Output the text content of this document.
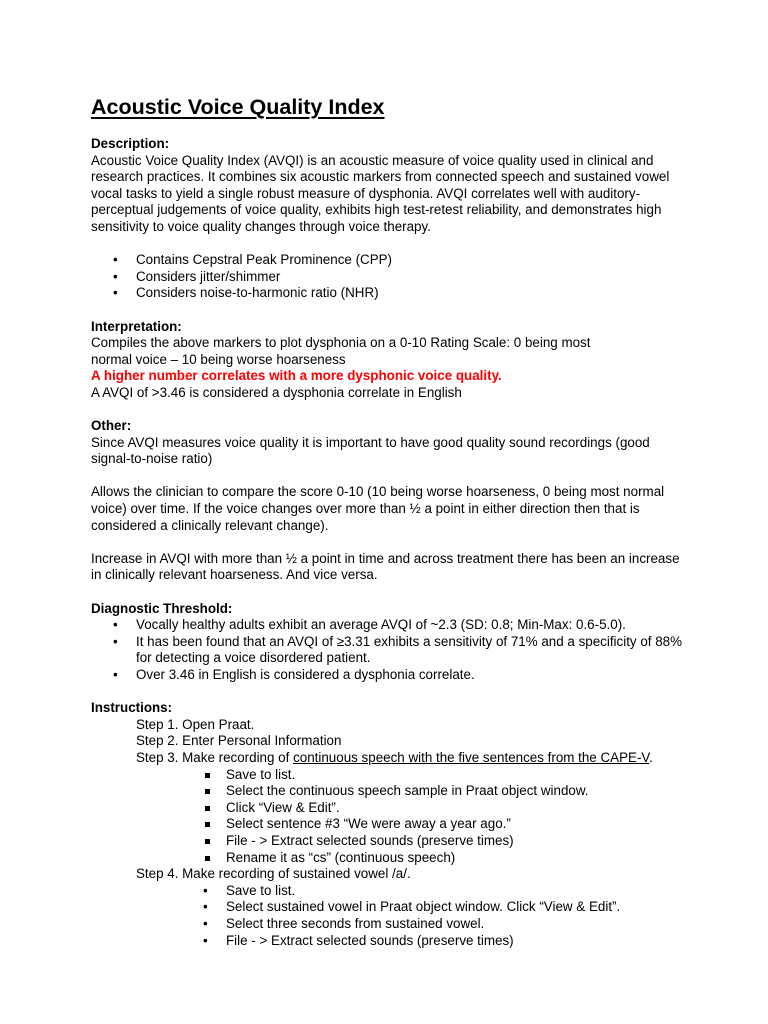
Acoustic Voice Quality Index
Description:

Acoustic Voice Quality Index (AVQI) is an acoustic measure of voice quality used in clinical and research practices. It combines six acoustic markers from connected speech and sustained vowel vocal tasks to yield a single robust measure of dysphonia. AVQI correlates well with auditory-perceptual judgements of voice quality, exhibits high test-retest reliability, and demonstrates high sensitivity to voice quality changes through voice therapy.

• Contains Cepstral Peak Prominence (CPP)
• Considers jitter/shimmer
• Considers noise-to-harmonic ratio (NHR)
Interpretation:

Compiles the above markers to plot dysphonia on a 0-10 Rating Scale: 0 being most

normal voice – 10 being worse hoarseness

A higher number correlates with a more dysphonic voice quality.

A AVQI of >3.46 is considered a dysphonia correlate in English

Other:

Since AVQI measures voice quality it is important to have good quality sound recordings (good signal-to-noise ratio)

Allows the clinician to compare the score 0-10 (10 being worse hoarseness, 0 being most normal voice) over time. If the voice changes over more than ½ a point in either direction then that is considered a clinically relevant change).

Increase in AVQI with more than ½ a point in time and across treatment there has been an increase in clinically relevant hoarseness. And vice versa.

Diagnostic Threshold:
• Vocally healthy adults exhibit an average AVQI of ~2.3 (SD: 0.8; Min-Max: 0.6-5.0).
• It has been found that an AVQI of ≥3.31 exhibits a sensitivity of 71% and a specificity of 88% for detecting a voice disordered patient.
• Over 3.46 in English is considered a dysphonia correlate.
Instructions:

Step 1. Open Praat.

Step 2. Enter Personal Information

Step 3. Make recording of continuous speech with the five sentences from the CAPE-V.

Save to list.
Select the continuous speech sample in Praat object window.
Click “View & Edit”.
Select sentence #3 “We were away a year ago.”
File - > Extract selected sounds (preserve times)
Rename it as “cs” (continuous speech)

Step 4. Make recording of sustained vowel /a/.

• Save to list.
• Select sustained vowel in Praat object window. Click “View & Edit”.
• Select three seconds from sustained vowel.
• File - > Extract selected sounds (preserve times)
